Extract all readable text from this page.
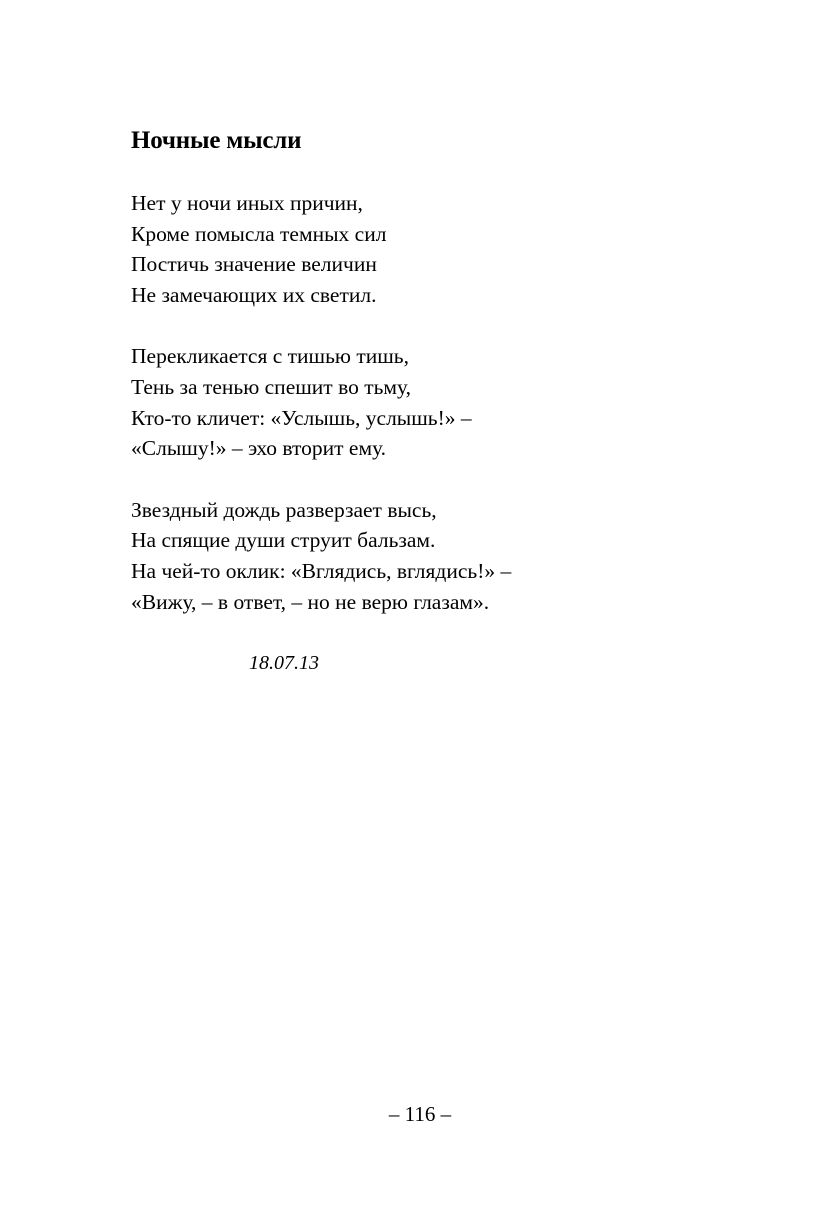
Ночные мысли
Нет у ночи иных причин,
Кроме помысла темных сил
Постичь значение величин
Не замечающих их светил.
Перекликается с тишью тишь,
Тень за тенью спешит во тьму,
Кто-то кличет: «Услышь, услышь!» –
«Слышу!» – эхо вторит ему.
Звездный дождь разверзает высь,
На спящие души струит бальзам.
На чей-то оклик: «Вглядись, вглядись!» –
«Вижу, – в ответ, – но не верю глазам».
18.07.13
– 116 –
